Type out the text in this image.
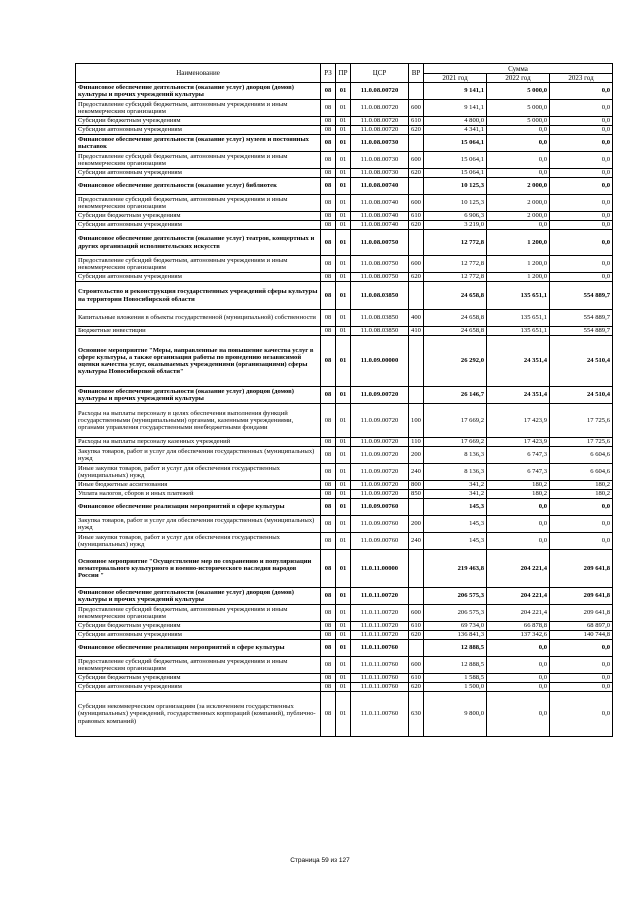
Наименование	РЗ	ПР	ЦСР	ВР	Сумма		
					2021 год	2022 год	2023 год
Финансовое обеспечение деятельности (оказание услуг) дворцов (домов) культуры и прочих учреждений культуры	08	01	11.0.08.00720		9 141,1	5 000,0	0,0
Предоставление субсидий бюджетным, автономным учреждениям и иным некоммерческим организациям	08	01	11.0.08.00720	600	9 141,1	5 000,0	0,0
Субсидии бюджетным учреждениям	08	01	11.0.08.00720	610	4 800,0	5 000,0	0,0
Субсидии автономным учреждениям	08	01	11.0.08.00720	620	4 341,1	0,0	0,0
Финансовое обеспечение деятельности (оказание услуг) музеев и постоянных выставок	08	01	11.0.08.00730		15 064,1	0,0	0,0
Предоставление субсидий бюджетным, автономным учреждениям и иным некоммерческим организациям	08	01	11.0.08.00730	600	15 064,1	0,0	0,0
Субсидии автономным учреждениям	08	01	11.0.08.00730	620	15 064,1	0,0	0,0
Финансовое обеспечение деятельности (оказание услуг) библиотек	08	01	11.0.08.00740		10 125,3	2 000,0	0,0
Предоставление субсидий бюджетным, автономным учреждениям и иным некоммерческим организациям	08	01	11.0.08.00740	600	10 125,3	2 000,0	0,0
Субсидии бюджетным учреждениям	08	01	11.0.08.00740	610	6 906,3	2 000,0	0,0
Субсидии автономным учреждениям	08	01	11.0.08.00740	620	3 219,0	0,0	0,0
Финансовое обеспечение деятельности (оказание услуг) театров, концертных и других организаций исполнительских искусств	08	01	11.0.08.00750		12 772,8	1 200,0	0,0
Предоставление субсидий бюджетным, автономным учреждениям и иным некоммерческим организациям	08	01	11.0.08.00750	600	12 772,8	1 200,0	0,0
Субсидии автономным учреждениям	08	01	11.0.08.00750	620	12 772,8	1 200,0	0,0
Строительство и реконструкция государственных учреждений сферы культуры на территории Новосибирской области	08	01	11.0.08.03850		24 658,8	135 651,1	554 889,7
Капитальные вложения в объекты государственной (муниципальной) собственности	08	01	11.0.08.03850	400	24 658,8	135 651,1	554 889,7
Бюджетные инвестиции	08	01	11.0.08.03850	410	24 658,8	135 651,1	554 889,7
Основное мероприятие "Меры, направленные на повышение качества услуг в сфере культуры, а также организация работы по проведению независимой оценки качества услуг, оказываемых учреждениями (организациями) сферы культуры Новосибирской области"	08	01	11.0.09.00000		26 292,0	24 351,4	24 510,4
Финансовое обеспечение деятельности (оказание услуг) дворцов (домов) культуры и прочих учреждений культуры	08	01	11.0.09.00720		26 146,7	24 351,4	24 510,4
Расходы на выплаты персоналу в целях обеспечения выполнения функций государственными (муниципальными) органами, казенными учреждениями, органами управления государственными внебюджетными фондами	08	01	11.0.09.00720	100	17 669,2	17 423,9	17 725,6
Расходы на выплаты персоналу казенных учреждений	08	01	11.0.09.00720	110	17 669,2	17 423,9	17 725,6
Закупка товаров, работ и услуг для обеспечения государственных (муниципальных) нужд	08	01	11.0.09.00720	200	8 136,3	6 747,3	6 604,6
Иные закупки товаров, работ и услуг для обеспечения государственных (муниципальных) нужд	08	01	11.0.09.00720	240	8 136,3	6 747,3	6 604,6
Иные бюджетные ассигнования	08	01	11.0.09.00720	800	341,2	180,2	180,2
Уплата налогов, сборов и иных платежей	08	01	11.0.09.00720	850	341,2	180,2	180,2
Финансовое обеспечение реализации мероприятий в сфере культуры	08	01	11.0.09.00760		145,3	0,0	0,0
Закупка товаров, работ и услуг для обеспечения государственных (муниципальных) нужд	08	01	11.0.09.00760	200	145,3	0,0	0,0
Иные закупки товаров, работ и услуг для обеспечения государственных (муниципальных) нужд	08	01	11.0.09.00760	240	145,3	0,0	0,0
Основное мероприятие "Осуществление мер по сохранению и популяризации нематериального культурного и военно-исторического наследия народов России "	08	01	11.0.11.00000		219 463,8	204 221,4	209 641,8
Финансовое обеспечение деятельности (оказание услуг) дворцов (домов) культуры и прочих учреждений культуры	08	01	11.0.11.00720		206 575,3	204 221,4	209 641,8
Предоставление субсидий бюджетным, автономным учреждениям и иным некоммерческим организациям	08	01	11.0.11.00720	600	206 575,3	204 221,4	209 641,8
Субсидии бюджетным учреждениям	08	01	11.0.11.00720	610	69 734,0	66 878,8	68 897,0
Субсидии автономным учреждениям	08	01	11.0.11.00720	620	136 841,3	137 342,6	140 744,8
Финансовое обеспечение реализации мероприятий в сфере культуры	08	01	11.0.11.00760		12 888,5	0,0	0,0
Предоставление субсидий бюджетным, автономным учреждениям и иным некоммерческим организациям	08	01	11.0.11.00760	600	12 888,5	0,0	0,0
Субсидии бюджетным учреждениям	08	01	11.0.11.00760	610	1 588,5	0,0	0,0
Субсидии автономным учреждениям	08	01	11.0.11.00760	620	1 500,0	0,0	0,0
Субсидии некоммерческим организациям (за исключением государственных (муниципальных) учреждений, государственных корпораций (компаний), публично-правовых компаний)	08	01	11.0.11.00760	630	9 800,0	0,0	0,0
Страница 59 из 127
